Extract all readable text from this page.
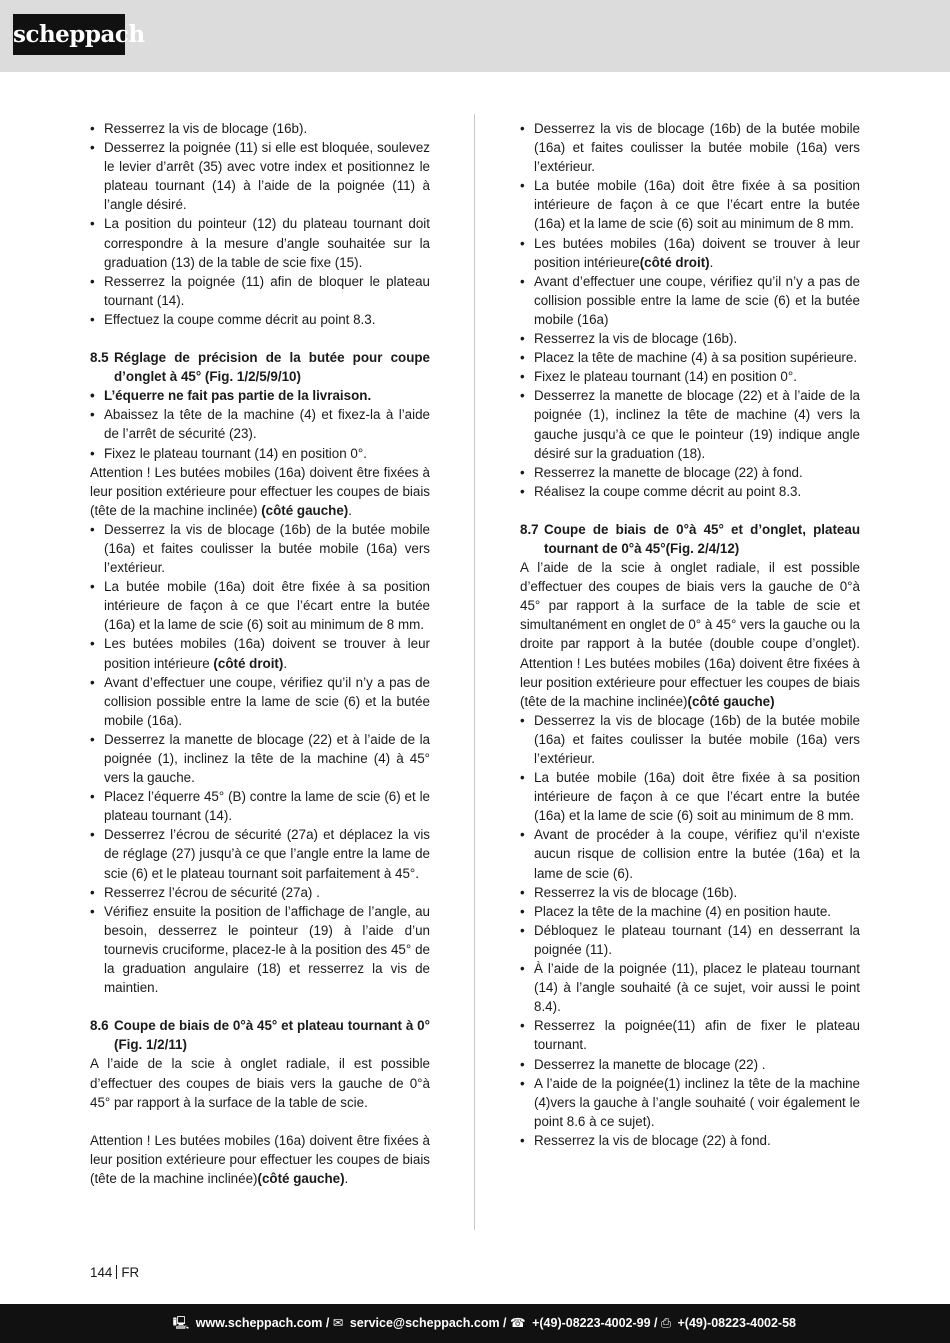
scheppach

• Resserrez la vis de blocage (16b).

• Desserrez la poignée (11) si elle est bloquée, soulevez le levier d’arrêt (35) avec votre index et positionnez le plateau tournant (14) à l’aide de la poignée (11) à l’angle désiré.

• La position du pointeur (12) du plateau tournant doit correspondre à la mesure d’angle souhaitée sur la graduation (13) de la table de scie fixe (15).

• Resserrez la poignée (11) afin de bloquer le plateau tournant (14).

• Effectuez la coupe comme décrit au point 8.3.

8.5 Réglage de précision de la butée pour coupe d’onglet à 45° (Fig. 1/2/5/9/10)

• L’équerre ne fait pas partie de la livraison.

• Abaissez la tête de la machine (4) et fixez-la à l’aide de l’arrêt de sécurité (23).

• Fixez le plateau tournant (14) en position 0°.

Attention ! Les butées mobiles (16a) doivent être fixées à leur position extérieure pour effectuer les coupes de biais (tête de la machine inclinée) (côté gauche).

• Desserrez la vis de blocage (16b) de la butée mobile (16a) et faites coulisser la butée mobile (16a) vers l’extérieur.

• La butée mobile (16a) doit être fixée à sa position intérieure de façon à ce que l’écart entre la butée (16a) et la lame de scie (6) soit au minimum de 8 mm.

• Les butées mobiles (16a) doivent se trouver à leur position intérieure (côté droit).

• Avant d’effectuer une coupe, vérifiez qu’il n’y a pas de collision possible entre la lame de scie (6) et la butée mobile (16a).

• Desserrez la manette de blocage (22) et à l’aide de la poignée (1), inclinez la tête de la machine (4) à 45° vers la gauche.

• Placez l’équerre 45° (B) contre la lame de scie (6) et le plateau tournant (14).

• Desserrez l’écrou de sécurité (27a) et déplacez la vis de réglage (27) jusqu’à ce que l’angle entre la lame de scie (6) et le plateau tournant soit parfaitement à 45°.

• Resserrez l’écrou de sécurité (27a) .

• Vérifiez ensuite la position de l’affichage de l’angle, au besoin, desserrez le pointeur (19) à l’aide d’un tournevis cruciforme, placez-le à la position des 45° de la graduation angulaire (18) et resserrez la vis de maintien.

8.6 Coupe de biais de 0°à 45° et plateau tournant à 0° (Fig. 1/2/11)

A l’aide de la scie à onglet radiale, il est possible d’effectuer des coupes de biais vers la gauche de 0°à 45° par rapport à la surface de la table de scie.

Attention ! Les butées mobiles (16a) doivent être fixées à leur position extérieure pour effectuer les coupes de biais (tête de la machine inclinée)(côté gauche).

• Desserrez la vis de blocage (16b) de la butée mobile (16a) et faites coulisser la butée mobile (16a) vers l’extérieur.

• La butée mobile (16a) doit être fixée à sa position intérieure de façon à ce que l’écart entre la butée (16a) et la lame de scie (6) soit au minimum de 8 mm.

• Les butées mobiles (16a) doivent se trouver à leur position intérieure(côté droit).

• Avant d’effectuer une coupe, vérifiez qu’il n’y a pas de collision possible entre la lame de scie (6) et la butée mobile (16a)

• Resserrez la vis de blocage (16b).

• Placez la tête de machine (4) à sa position supérieure.

• Fixez le plateau tournant (14) en position 0°.

• Desserrez la manette de blocage (22) et à l’aide de la poignée (1), inclinez la tête de machine (4) vers la gauche jusqu’à ce que le pointeur (19) indique angle désiré sur la graduation (18).

• Resserrez la manette de blocage (22) à fond.

• Réalisez la coupe comme décrit au point 8.3.

8.7 Coupe de biais de 0°à 45° et d’onglet, plateau tournant de 0°à 45°(Fig. 2/4/12)

A l’aide de la scie à onglet radiale, il est possible d’effectuer des coupes de biais vers la gauche de 0°à 45° par rapport à la surface de la table de scie et simultanément en onglet de 0° à 45° vers la gauche ou la droite par rapport à la butée (double coupe d’onglet). Attention ! Les butées mobiles (16a) doivent être fixées à leur position extérieure pour effectuer les coupes de biais (tête de la machine inclinée)(côté gauche)

• Desserrez la vis de blocage (16b) de la butée mobile (16a) et faites coulisser la butée mobile (16a) vers l’extérieur.

• La butée mobile (16a) doit être fixée à sa position intérieure de façon à ce que l’écart entre la butée (16a) et la lame de scie (6) soit au minimum de 8 mm.

• Avant de procéder à la coupe, vérifiez qu’il n‘existe aucun risque de collision entre la butée (16a) et la lame de scie (6).

• Resserrez la vis de blocage (16b).

• Placez la tête de la machine (4) en position haute.

• Débloquez le plateau tournant (14) en desserrant la poignée (11).

• À l’aide de la poignée (11), placez le plateau tournant (14) à l’angle souhaité (à ce sujet, voir aussi le point 8.4).

• Resserrez la poignée(11) afin de fixer le plateau tournant.

• Desserrez la manette de blocage (22) .

• A l’aide de la poignée(1) inclinez la tête de la machine (4)vers la gauche à l’angle souhaité ( voir également le point 8.6 à ce sujet).

• Resserrez la vis de blocage (22) à fond.

144 FR
🖳 www.scheppach.com / ✉ service@scheppach.com / ☎ +(49)-08223-4002-99 / ⎙ +(49)-08223-4002-58
